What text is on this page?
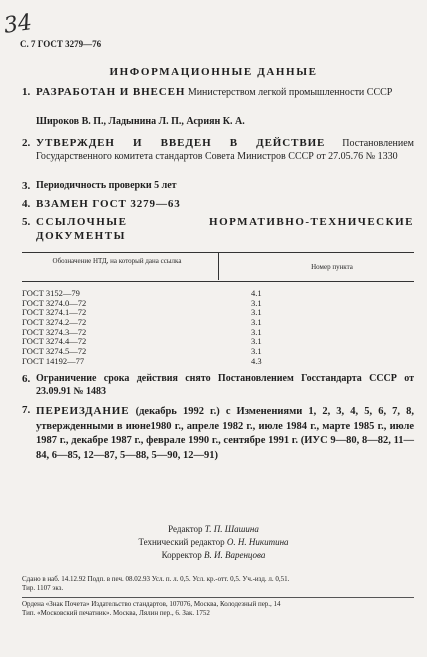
34
С. 7 ГОСТ 3279—76
ИНФОРМАЦИОННЫЕ ДАННЫЕ
1. РАЗРАБОТАН И ВНЕСЕН Министерством легкой промышленности СССР
Широков В. П., Ладынина Л. П., Асриян К. А.
2. УТВЕРЖДЕН И ВВЕДЕН В ДЕЙСТВИЕ Постановлением Государственного комитета стандартов Совета Министров СССР от 27.05.76 № 1330
3. Периодичность проверки 5 лет
4. ВЗАМЕН ГОСТ 3279—63
5. ССЫЛОЧНЫЕ НОРМАТИВНО-ТЕХНИЧЕСКИЕ ДОКУМЕНТЫ
Обозначение НТД, на который дана ссылка
Номер пункта
ГОСТ 3152—79	4.1
ГОСТ 3274.0—72	3.1
ГОСТ 3274.1—72	3.1
ГОСТ 3274.2—72	3.1
ГОСТ 3274.3—72	3.1
ГОСТ 3274.4—72	3.1
ГОСТ 3274.5—72	3.1
ГОСТ 14192—77	4.3
6. Ограничение срока действия снято Постановлением Госстандарта СССР от 23.09.91 № 1483
7. ПЕРЕИЗДАНИЕ (декабрь 1992 г.) с Изменениями 1, 2, 3, 4, 5, 6, 7, 8, утвержденными в июне1980 г., апреле 1982 г., июле 1984 г., марте 1985 г., июле 1987 г., декабре 1987 г., феврале 1990 г., сентябре 1991 г. (ИУС 9—80, 8—82, 11—84, 6—85, 12—87, 5—88, 5—90, 12—91)
Редактор Т. П. Шашина
Технический редактор О. Н. Никитина
Корректор В. И. Варенцова
Сдано в наб. 14.12.92 Подп. в печ. 08.02.93 Усл. п. л. 0,5. Усл. кр.-отт. 0,5. Уч.-изд. л. 0,51.
Тир. 1107 экз.
Ордена «Знак Почета» Издательство стандартов, 107076, Москва, Колодезный пер., 14
Тип. «Московский печатник». Москва, Лялин пер., 6. Зак. 1752
